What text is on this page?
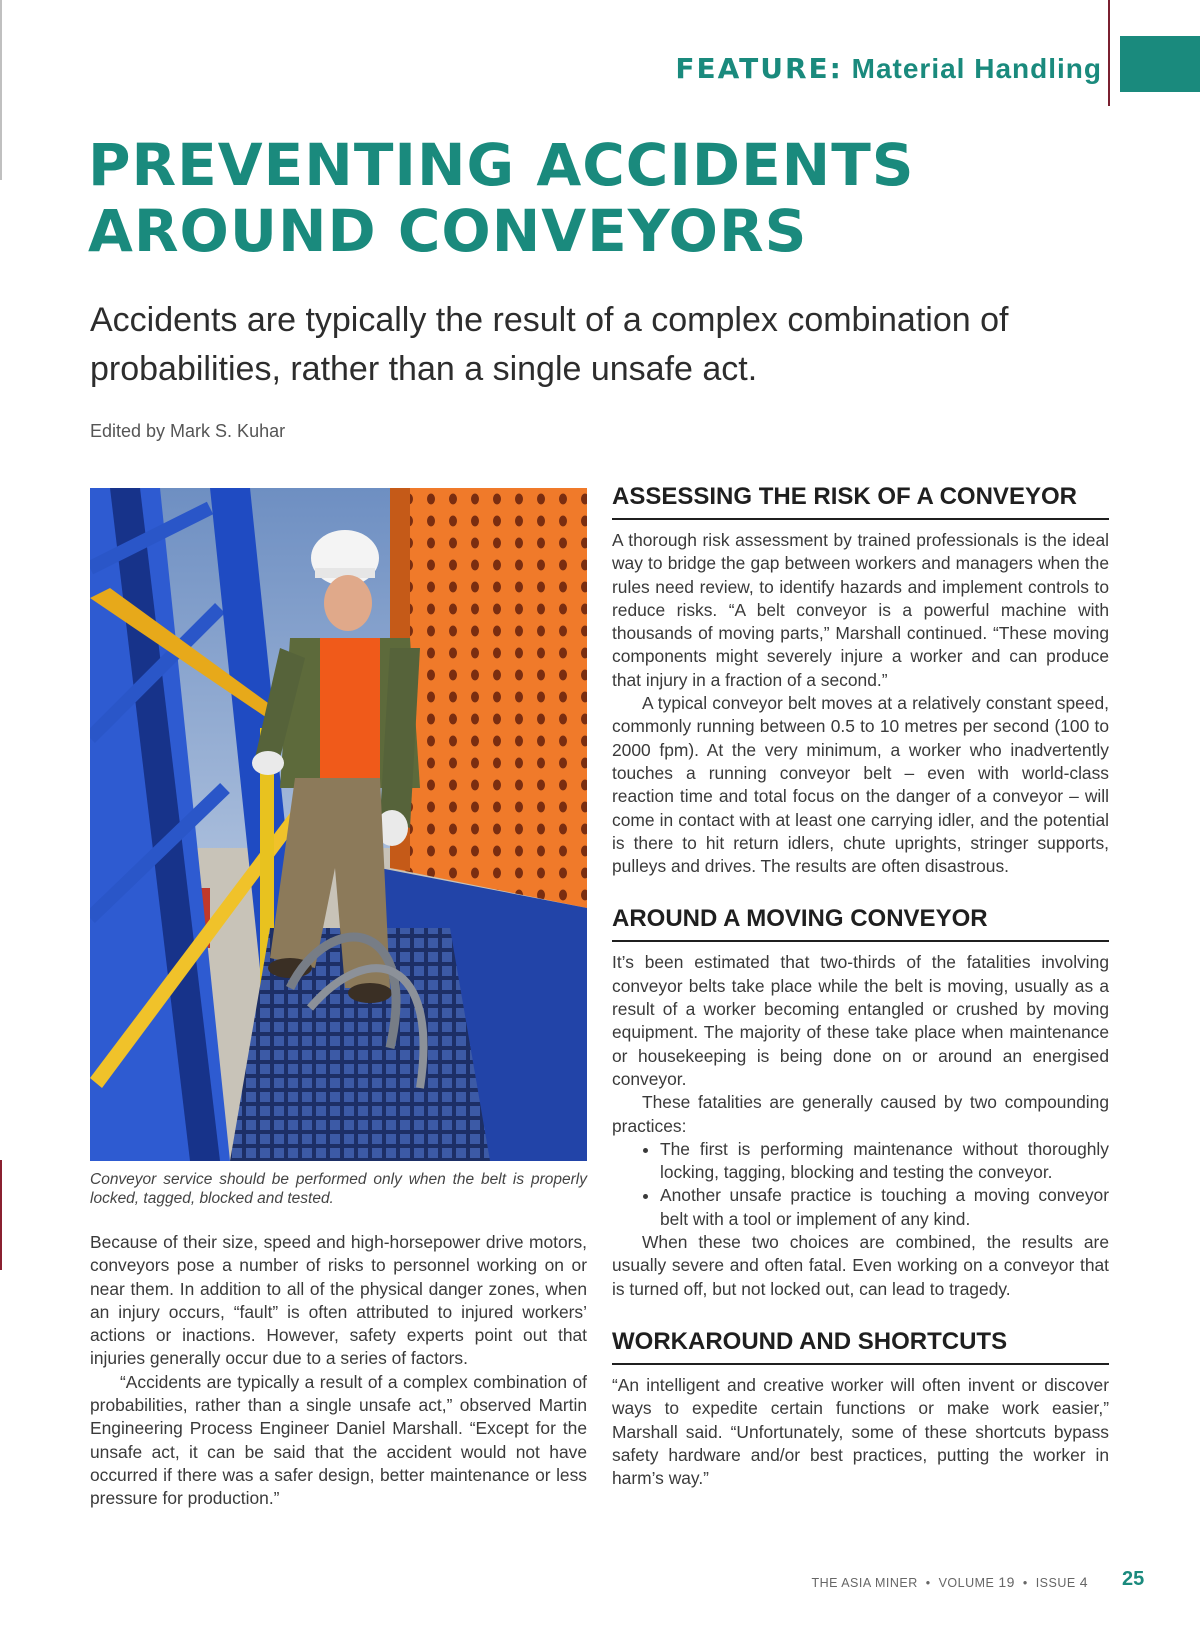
FEATURE: Material Handling
PREVENTING ACCIDENTS
AROUND CONVEYORS
Accidents are typically the result of a complex combination of probabilities, rather than a single unsafe act.
Edited by Mark S. Kuhar
Conveyor service should be performed only when the belt is properly locked, tagged, blocked and tested.

Because of their size, speed and high-horsepower drive motors, conveyors pose a number of risks to personnel working on or near them. In addition to all of the physical danger zones, when an injury occurs, “fault” is often attributed to injured workers’ actions or inactions. However, safety experts point out that injuries generally occur due to a series of factors.

“Accidents are typically a result of a complex combination of probabilities, rather than a single unsafe act,” observed Martin Engineering Process Engineer Daniel Marshall. “Except for the unsafe act, it can be said that the accident would not have occurred if there was a safer design, better maintenance or less pressure for production.”

ASSESSING THE RISK OF A CONVEYOR

A thorough risk assessment by trained professionals is the ideal way to bridge the gap between workers and managers when the rules need review, to identify hazards and implement controls to reduce risks. “A belt conveyor is a powerful machine with thousands of moving parts,” Marshall continued. “These moving components might severely injure a worker and can produce that injury in a fraction of a second.”

A typical conveyor belt moves at a relatively constant speed, commonly running between 0.5 to 10 metres per second (100 to 2000 fpm). At the very minimum, a worker who inadvertently touches a running conveyor belt – even with world-class reaction time and total focus on the danger of a conveyor – will come in contact with at least one carrying idler, and the potential is there to hit return idlers, chute uprights, stringer supports, pulleys and drives. The results are often disastrous.

AROUND A MOVING CONVEYOR

It’s been estimated that two-thirds of the fatalities involving conveyor belts take place while the belt is moving, usually as a result of a worker becoming entangled or crushed by moving equipment. The majority of these take place when maintenance or housekeeping is being done on or around an energised conveyor.

These fatalities are generally caused by two compounding practices:

• The first is performing maintenance without thoroughly locking, tagging, blocking and testing the conveyor.
• Another unsafe practice is touching a moving conveyor belt with a tool or implement of any kind.

When these two choices are combined, the results are usually severe and often fatal. Even working on a conveyor that is turned off, but not locked out, can lead to tragedy.

WORKAROUND AND SHORTCUTS

“An intelligent and creative worker will often invent or discover ways to expedite certain functions or make work easier,” Marshall said. “Unfortunately, some of these shortcuts bypass safety hardware and/or best practices, putting the worker in harm’s way.”

THE ASIA MINER  •  VOLUME 19  •  ISSUE 4 25
